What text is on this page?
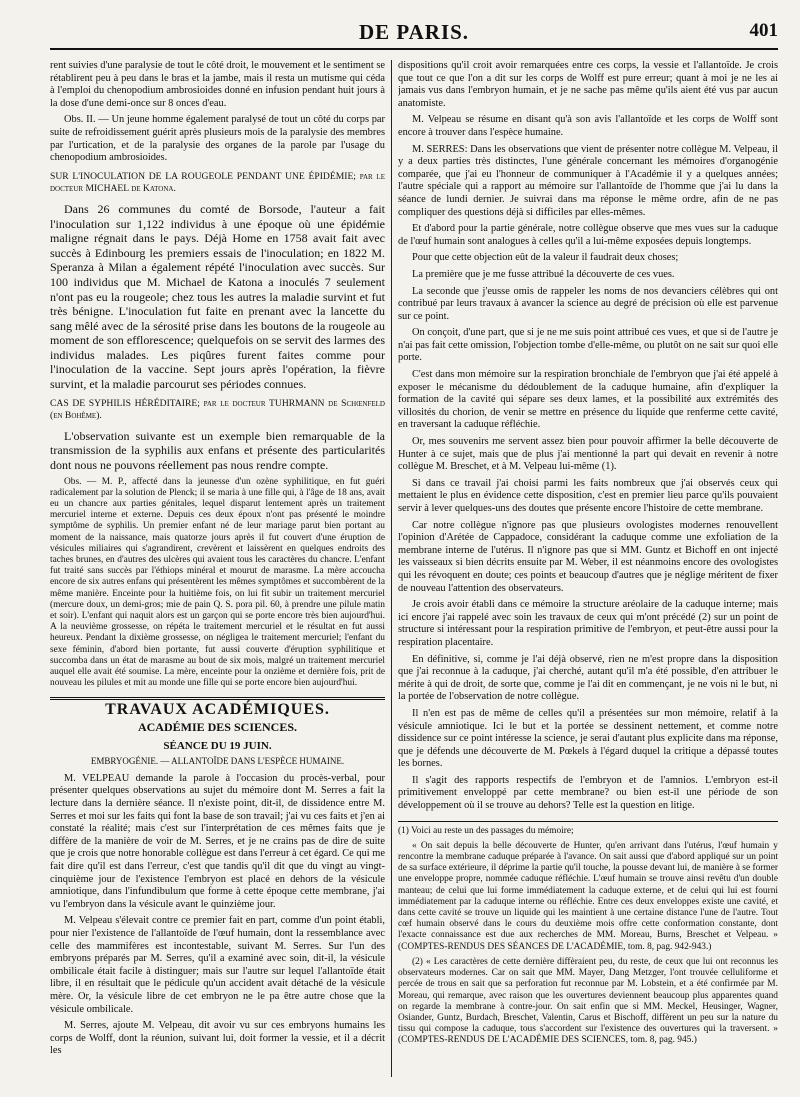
DE PARIS.	401

rent suivies d'une paralysie de tout le côté droit, le mouvement et le sentiment se rétablirent peu à peu dans le bras et la jambe, mais il resta un mutisme qui céda à l'emploi du chenopodium ambrosioides donné en infusion pendant huit jours à la dose d'une demi-once sur 8 onces d'eau.

Obs. II. — Un jeune homme également paralysé de tout un côté du corps par suite de refroidissement guérit après plusieurs mois de la paralysie des membres par l'urtication, et de la paralysie des organes de la parole par l'usage du chenopodium ambrosioides.

SUR L'INOCULATION DE LA ROUGEOLE PENDANT UNE ÉPIDÉMIE; par le docteur MICHAEL de Katona.

Dans 26 communes du comté de Borsode, l'auteur a fait l'inoculation sur 1,122 individus à une époque où une épidémie maligne régnait dans le pays. Déjà Home en 1758 avait fait avec succès à Edinbourg les premiers essais de l'inoculation; en 1822 M. Speranza à Milan a également répété l'inoculation avec succès. Sur 100 individus que M. Michael de Katona a inoculés 7 seulement n'ont pas eu la rougeole; chez tous les autres la maladie survint et fut très bénigne. L'inoculation fut faite en prenant avec la lancette du sang mêlé avec de la sérosité prise dans les boutons de la rougeole au moment de son efflorescence; quelquefois on se servit des larmes des individus malades. Les piqûres furent faites comme pour l'inoculation de la vaccine. Sept jours après l'opération, la fièvre survint, et la maladie parcourut ses périodes connues.

CAS DE SYPHILIS HÉRÉDITAIRE; par le docteur TUHRMANN de Schœnfeld (en Bohême).

L'observation suivante est un exemple bien remarquable de la transmission de la syphilis aux enfans et présente des particularités dont nous ne pouvons réellement pas nous rendre compte.

Obs. — M. P., affecté dans la jeunesse d'un ozène syphilitique, en fut guéri radicalement par la solution de Plenck; il se maria à une fille qui, à l'âge de 18 ans, avait eu un chancre aux parties génitales, lequel disparut lentement après un traitement mercuriel interne et externe. Depuis ces deux époux n'ont pas présenté le moindre symptôme de syphilis. Un premier enfant né de leur mariage parut bien portant au moment de la naissance, mais quatorze jours après il fut couvert d'une éruption de vésicules miliaires qui s'agrandirent, crevèrent et laissèrent en quelques endroits des taches brunes, en d'autres des ulcères qui avaient tous les caractères du chancre. L'enfant fut traité sans succès par l'éthiops minéral et mourut de marasme. La mère accoucha encore de six autres enfans qui présentèrent les mêmes symptômes et succombèrent de la même manière. Enceinte pour la huitième fois, on lui fit subir un traitement mercuriel (mercure doux, un demi-gros; mie de pain Q. S. pora pil. 60, à prendre une pilule matin et soir). L'enfant qui naquit alors est un garçon qui se porte encore très bien aujourd'hui. A la neuvième grossesse, on répéta le traitement mercuriel et le résultat en fut aussi heureux. Pendant la dixième grossesse, on négligea le traitement mercuriel; l'enfant du sexe féminin, d'abord bien portante, fut aussi couverte d'éruption syphilitique et succomba dans un état de marasme au bout de six mois, malgré un traitement mercuriel auquel elle avait été soumise. La mère, enceinte pour la onzième et dernière fois, prit de nouveau les pilules et mit au monde une fille qui se porte encore bien aujourd'hui.

TRAVAUX ACADÉMIQUES.
ACADÉMIE DES SCIENCES.
SÉANCE DU 19 JUIN.
EMBRYOGÉNIE. — ALLANTOÏDE DANS L'ESPÈCE HUMAINE.

M. VELPEAU demande la parole à l'occasion du procès-verbal, pour présenter quelques observations au sujet du mémoire dont M. Serres a fait la lecture dans la dernière séance. Il n'existe point, dit-il, de dissidence entre M. Serres et moi sur les faits qui font la base de son travail; j'ai vu ces faits et j'en ai constaté la réalité; mais c'est sur l'interprétation de ces mêmes faits que je diffère de la manière de voir de M. Serres, et je ne crains pas de dire de suite que je crois que notre honorable collègue est dans l'erreur à cet égard. Ce qui me fait dire qu'il est dans l'erreur, c'est que tandis qu'il dit que du vingt au vingt-cinquième jour de l'existence l'embryon est placé en dehors de la vésicule amniotique, dans l'infundibulum que forme à cette époque cette membrane, j'ai vu l'embryon dans la vésicule avant le quinzième jour.

M. Velpeau s'élevait contre ce premier fait en part, comme d'un point établi, pour nier l'existence de l'allantoïde de l'œuf humain, dont la ressemblance avec celle des mammifères est incontestable, suivant M. Serres. Sur l'un des embryons préparés par M. Serres, qu'il a examiné avec soin, dit-il, la vésicule ombilicale était facile à distinguer; mais sur l'autre sur lequel l'allantoïde était libre, il en résultait que le pédicule qu'un accident avait détaché de la vésicule mère. Or, la vésicule libre de cet embryon ne le pa être autre chose que la vésicule ombilicale.

M. Serres, ajoute M. Velpeau, dit avoir vu sur ces embryons humains les corps de Wolff, dont la réunion, suivant lui, doit former la vessie, et il a décrit les

dispositions qu'il croit avoir remarquées entre ces corps, la vessie et l'allantoïde. Je crois que tout ce que l'on a dit sur les corps de Wolff est pure erreur; quant à moi je ne les ai jamais vus dans l'embryon humain, et je ne sache pas même qu'ils aient été vus par aucun anatomiste.

M. Velpeau se résume en disant qu'à son avis l'allantoïde et les corps de Wolff sont encore à trouver dans l'espèce humaine.

M. SERRES: Dans les observations que vient de présenter notre collègue M. Velpeau, il y a deux parties très distinctes, l'une générale concernant les mémoires d'organogénie comparée, que j'ai eu l'honneur de communiquer à l'Académie il y a quelques années; l'autre spéciale qui a rapport au mémoire sur l'allantoïde de l'homme que j'ai lu dans la séance de lundi dernier. Je suivrai dans ma réponse le même ordre, afin de ne pas compliquer des questions déjà si difficiles par elles-mêmes.

Et d'abord pour la partie générale, notre collègue observe que mes vues sur la caduque de l'œuf humain sont analogues à celles qu'il a lui-même exposées depuis longtemps.

Pour que cette objection eût de la valeur il faudrait deux choses;

La première que je me fusse attribué la découverte de ces vues.

La seconde que j'eusse omis de rappeler les noms de nos devanciers célèbres qui ont contribué par leurs travaux à avancer la science au degré de précision où elle est parvenue sur ce point.

On conçoit, d'une part, que si je ne me suis point attribué ces vues, et que si de l'autre je n'ai pas fait cette omission, l'objection tombe d'elle-même, ou plutôt on ne sait sur quoi elle porte.

C'est dans mon mémoire sur la respiration bronchiale de l'embryon que j'ai été appelé à exposer le mécanisme du dédoublement de la caduque humaine, afin d'expliquer la formation de la cavité qui sépare ses deux lames, et la possibilité aux extrémités des villosités du chorion, de venir se mettre en présence du liquide que renferme cette cavité, en traversant la caduque réfléchie.

Or, mes souvenirs me servent assez bien pour pouvoir affirmer la belle découverte de Hunter à ce sujet, mais que de plus j'ai mentionné la part qui devait en revenir à notre collègue M. Breschet, et à M. Velpeau lui-même (1).

Si dans ce travail j'ai choisi parmi les faits nombreux que j'ai observés ceux qui mettaient le plus en évidence cette disposition, c'est en premier lieu parce qu'ils pouvaient servir à lever quelques-uns des doutes que présente encore l'histoire de cette membrane.

Car notre collègue n'ignore pas que plusieurs ovologistes modernes renouvellent l'opinion d'Arétée de Cappadoce, considérant la caduque comme une exfoliation de la membrane interne de l'utérus. Il n'ignore pas que si MM. Guntz et Bichoff en ont injecté les vaisseaux si bien décrits ensuite par M. Weber, il est néanmoins encore des ovologistes qui les révoquent en doute; ces points et beaucoup d'autres que je néglige méritent de fixer de nouveau l'attention des observateurs.

Je crois avoir établi dans ce mémoire la structure aréolaire de la caduque interne; mais ici encore j'ai rappelé avec soin les travaux de ceux qui m'ont précédé (2) sur un point de structure si intéressant pour la respiration primitive de l'embryon, et peut-être aussi pour la respiration placentaire.

En définitive, si, comme je l'ai déjà observé, rien ne m'est propre dans la disposition que j'ai reconnue à la caduque, j'ai cherché, autant qu'il m'a été possible, d'en attribuer le mérite à qui de droit, de sorte que, comme je l'ai dit en commençant, je ne vois ni le but, ni la portée de l'observation de notre collègue.

Il n'en est pas de même de celles qu'il a présentées sur mon mémoire, relatif à la vésicule amniotique. Ici le but et la portée se dessinent nettement, et comme notre dissidence sur ce point intéresse la science, je serai d'autant plus explicite dans ma réponse, que je défends une découverte de M. Pœkels à l'égard duquel la critique a dépassé toutes les bornes.

Il s'agit des rapports respectifs de l'embryon et de l'amnios. L'embryon est-il primitivement enveloppé par cette membrane? ou bien est-il une période de son développement où il se trouve au dehors? Telle est la question en litige.

(1) Voici au reste un des passages du mémoire;

« On sait depuis la belle découverte de Hunter, qu'en arrivant dans l'utérus, l'œuf humain y rencontre la membrane caduque préparée à l'avance. On sait aussi que d'abord appliqué sur un point de sa surface extérieure, il déprime la partie qu'il touche, la pousse devant lui, de manière à se former une enveloppe propre, nommée caduque réfléchie. L'œuf humain se trouve ainsi revêtu d'un double manteau; de celui que lui forme immédiatement la caduque externe, et de celui qui lui est fourni immédiatement par la caduque interne ou réfléchie. Entre ces deux enveloppes existe une cavité, et dans cette cavité se trouve un liquide qui les maintient à une certaine distance l'une de l'autre. Tout cœf humain observé dans le cours du deuxième mois offre cette conformation constante, dont l'exacte connaissance est due aux recherches de MM. Moreau, Burns, Breschet et Velpeau. » (COMPTES-RENDUS DES SÉANCES DE L'ACADÉMIE, tom. 8, pag. 942-943.)

(2) « Les caractères de cette dernière diffèraient peu, du reste, de ceux que lui ont reconnus les observateurs modernes. Car on sait que MM. Mayer, Dang Metzger, l'ont trouvée celluliforme et percée de trous en sait que sa perforation fut reconnue par M. Lobstein, et a été confirmée par M. Moreau, qui remarque, avec raison que les ouvertures deviennent beaucoup plus apparentes quand on regarde la membrane à contre-jour. On sait enfin que si MM. Meckel, Heusinger, Wagner, Osiander, Guntz, Burdach, Breschet, Valentin, Carus et Bischoff, diffèrent un peu sur la nature du tissu qui compose la caduque, tous s'accordent sur l'existence des ouvertures qui la traversent. » (COMPTES-RENDUS DE L'ACADÉMIE DES SCIENCES, tom. 8, pag. 945.)
